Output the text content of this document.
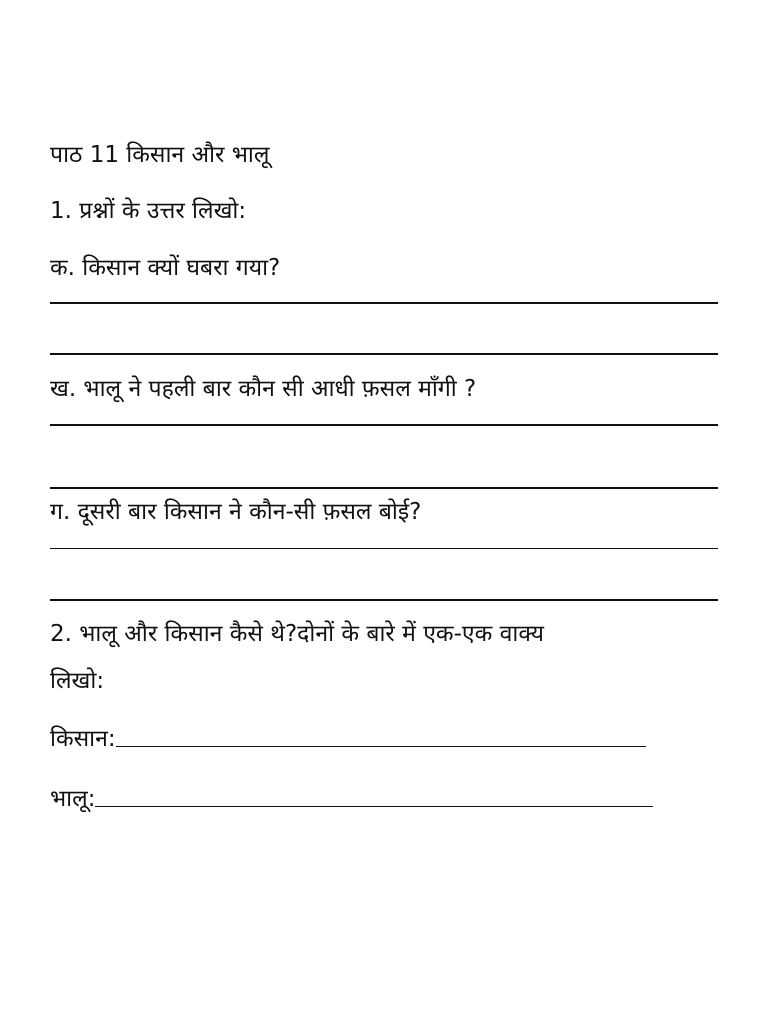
पाठ 11 किसान और भालू
1. प्रश्नों के उत्तर लिखो:
क. किसान क्यों घबरा गया?
ख. भालू ने पहली बार कौन सी आधी फ़सल माँगी ?
ग. दूसरी बार किसान ने कौन-सी फ़सल बोई?
2. भालू और किसान कैसे थे?दोनों के बारे में एक-एक वाक्य
लिखो:
किसान:
भालू:
